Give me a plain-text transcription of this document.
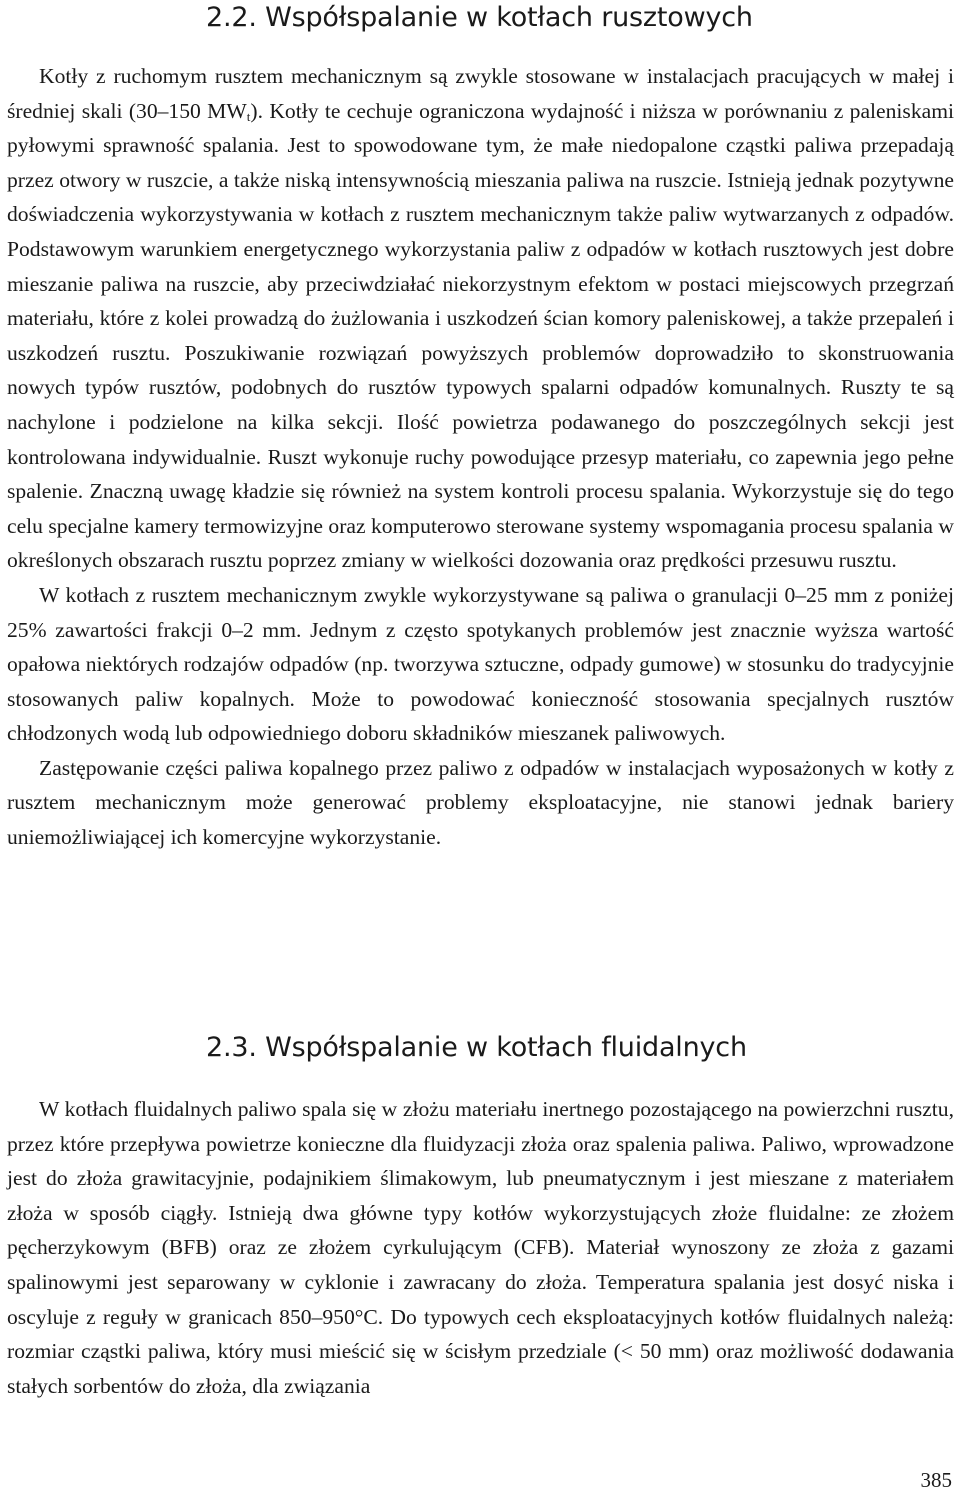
2.2. Współspalanie w kotłach rusztowych

Kotły z ruchomym rusztem mechanicznym są zwykle stosowane w instalacjach pracujących w małej i średniej skali (30–150 $MW_t$). Kotły te cechuje ograniczona wydajność i niższa w porównaniu z paleniskami pyłowymi sprawność spalania. Jest to spowodowane tym, że małe niedopalone cząstki paliwa przepadają przez otwory w ruszcie, a także niską intensywnością mieszania paliwa na ruszcie. Istnieją jednak pozytywne doświadczenia wykorzystywania w kotłach z rusztem mechanicznym także paliw wytwarzanych z odpadów. Podstawowym warunkiem energetycznego wykorzystania paliw z odpadów w kotłach rusztowych jest dobre mieszanie paliwa na ruszcie, aby przeciwdziałać niekorzystnym efektom w postaci miejscowych przegrzań materiału, które z kolei prowadzą do żużlowania i uszkodzeń ścian komory paleniskowej, a także przepaleń i uszkodzeń rusztu. Poszukiwanie rozwiązań powyższych problemów doprowadziło to skonstruowania nowych typów rusztów, podobnych do rusztów typowych spalarni odpadów komunalnych. Ruszty te są nachylone i podzielone na kilka sekcji. Ilość powietrza podawanego do poszczególnych sekcji jest kontrolowana indywidualnie. Ruszt wykonuje ruchy powodujące przesyp materiału, co zapewnia jego pełne spalenie. Znaczną uwagę kładzie się również na system kontroli procesu spalania. Wykorzystuje się do tego celu specjalne kamery termowizyjne oraz komputerowo sterowane systemy wspomagania procesu spalania w określonych obszarach rusztu poprzez zmiany w wielkości dozowania oraz prędkości przesuwu rusztu.

W kotłach z rusztem mechanicznym zwykle wykorzystywane są paliwa o granulacji 0–25 mm z poniżej 25% zawartości frakcji 0–2 mm. Jednym z często spotykanych problemów jest znacznie wyższa wartość opałowa niektórych rodzajów odpadów (np. tworzywa sztuczne, odpady gumowe) w stosunku do tradycyjnie stosowanych paliw kopalnych. Może to powodować konieczność stosowania specjalnych rusztów chłodzonych wodą lub odpowiedniego doboru składników mieszanek paliwowych.

Zastępowanie części paliwa kopalnego przez paliwo z odpadów w instalacjach wyposażonych w kotły z rusztem mechanicznym może generować problemy eksploatacyjne, nie stanowi jednak bariery uniemożliwiającej ich komercyjne wykorzystanie.

2.3. Współspalanie w kotłach fluidalnych

W kotłach fluidalnych paliwo spala się w złożu materiału inertnego pozostającego na powierzchni rusztu, przez które przepływa powietrze konieczne dla fluidyzacji złoża oraz spalenia paliwa. Paliwo, wprowadzone jest do złoża grawitacyjnie, podajnikiem ślimakowym, lub pneumatycznym i jest mieszane z materiałem złoża w sposób ciągły. Istnieją dwa główne typy kotłów wykorzystujących złoże fluidalne: ze złożem pęcherzykowym (BFB) oraz ze złożem cyrkulującym (CFB). Materiał wynoszony ze złoża z gazami spalinowymi jest separowany w cyklonie i zawracany do złoża. Temperatura spalania jest dosyć niska i oscyluje z reguły w granicach 850–950°C. Do typowych cech eksploatacyjnych kotłów fluidalnych należą: rozmiar cząstki paliwa, który musi mieścić się w ścisłym przedziale (< 50 mm) oraz możliwość dodawania stałych sorbentów do złoża, dla związania

385
